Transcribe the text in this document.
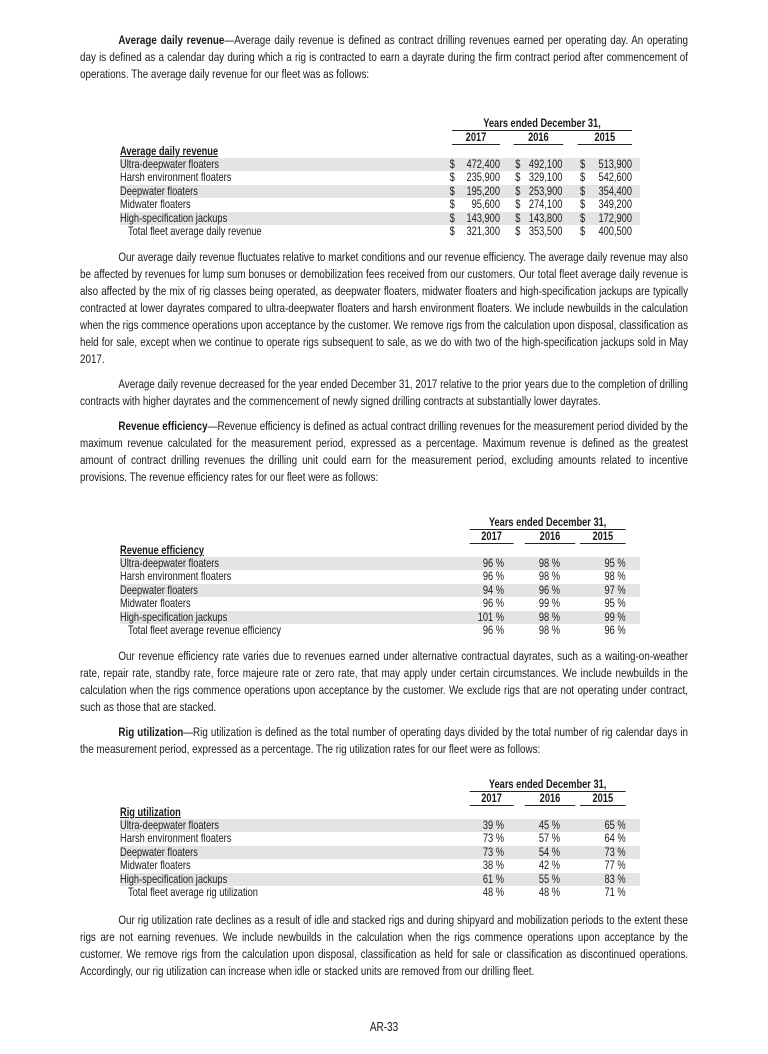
Average daily revenue—Average daily revenue is defined as contract drilling revenues earned per operating day. An operating day is defined as a calendar day during which a rig is contracted to earn a dayrate during the firm contract period after commencement of operations. The average daily revenue for our fleet was as follows:

Years ended December 31,
2017	2016	2015
Average daily revenue
Ultra-deepwater floaters	$ 472,400 $ 492,100 $ 513,900
Harsh environment floaters	$ 235,900 $ 329,100 $ 542,600
Deepwater floaters	$ 195,200 $ 253,900 $ 354,400
Midwater floaters	$ 95,600 $ 274,100 $ 349,200
High-specification jackups	$ 143,900 $ 143,800 $ 172,900
Total fleet average daily revenue	$ 321,300 $ 353,500 $ 400,500

Our average daily revenue fluctuates relative to market conditions and our revenue efficiency. The average daily revenue may also be affected by revenues for lump sum bonuses or demobilization fees received from our customers. Our total fleet average daily revenue is also affected by the mix of rig classes being operated, as deepwater floaters, midwater floaters and high-specification jackups are typically contracted at lower dayrates compared to ultra-deepwater floaters and harsh environment floaters. We include newbuilds in the calculation when the rigs commence operations upon acceptance by the customer. We remove rigs from the calculation upon disposal, classification as held for sale, except when we continue to operate rigs subsequent to sale, as we do with two of the high-specification jackups sold in May 2017.

Average daily revenue decreased for the year ended December 31, 2017 relative to the prior years due to the completion of drilling contracts with higher dayrates and the commencement of newly signed drilling contracts at substantially lower dayrates.

Revenue efficiency—Revenue efficiency is defined as actual contract drilling revenues for the measurement period divided by the maximum revenue calculated for the measurement period, expressed as a percentage. Maximum revenue is defined as the greatest amount of contract drilling revenues the drilling unit could earn for the measurement period, excluding amounts related to incentive provisions. The revenue efficiency rates for our fleet were as follows:

Years ended December 31,
2017	2016	2015
Revenue efficiency
Ultra-deepwater floaters	96 %	98 %	95 %
Harsh environment floaters	96 %	98 %	98 %
Deepwater floaters	94 %	96 %	97 %
Midwater floaters	96 %	99 %	95 %
High-specification jackups	101 %	98 %	99 %
Total fleet average revenue efficiency	96 %	98 %	96 %

Our revenue efficiency rate varies due to revenues earned under alternative contractual dayrates, such as a waiting-on-weather rate, repair rate, standby rate, force majeure rate or zero rate, that may apply under certain circumstances. We include newbuilds in the calculation when the rigs commence operations upon acceptance by the customer. We exclude rigs that are not operating under contract, such as those that are stacked.

Rig utilization—Rig utilization is defined as the total number of operating days divided by the total number of rig calendar days in the measurement period, expressed as a percentage. The rig utilization rates for our fleet were as follows:

Years ended December 31,
2017	2016	2015
Rig utilization
Ultra-deepwater floaters	39 %	45 %	65 %
Harsh environment floaters	73 %	57 %	64 %
Deepwater floaters	73 %	54 %	73 %
Midwater floaters	38 %	42 %	77 %
High-specification jackups	61 %	55 %	83 %
Total fleet average rig utilization	48 %	48 %	71 %

Our rig utilization rate declines as a result of idle and stacked rigs and during shipyard and mobilization periods to the extent these rigs are not earning revenues. We include newbuilds in the calculation when the rigs commence operations upon acceptance by the customer. We remove rigs from the calculation upon disposal, classification as held for sale or classification as discontinued operations. Accordingly, our rig utilization can increase when idle or stacked units are removed from our drilling fleet.

AR-33
